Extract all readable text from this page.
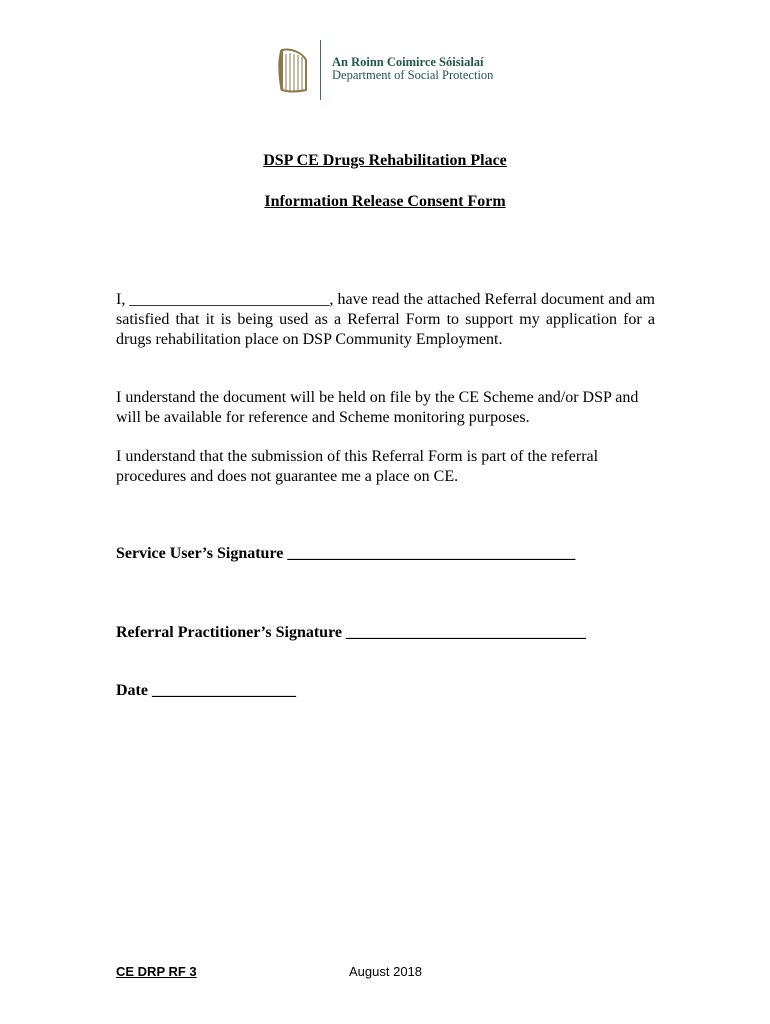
An Roinn Coimirce Sóisialaí
Department of Social Protection
DSP CE Drugs Rehabilitation Place
Information Release Consent Form
I, _________________________, have read the attached Referral document and am satisfied that it is being used as a Referral Form to support my application for a drugs rehabilitation place on DSP Community Employment.
I understand the document will be held on file by the CE Scheme and/or DSP and will be available for reference and Scheme monitoring purposes.
I understand that the submission of this Referral Form is part of the referral procedures and does not guarantee me a place on CE.
Service User’s Signature ____________________________________
Referral Practitioner’s Signature ______________________________
Date __________________
CE DRP RF 3	August 2018
